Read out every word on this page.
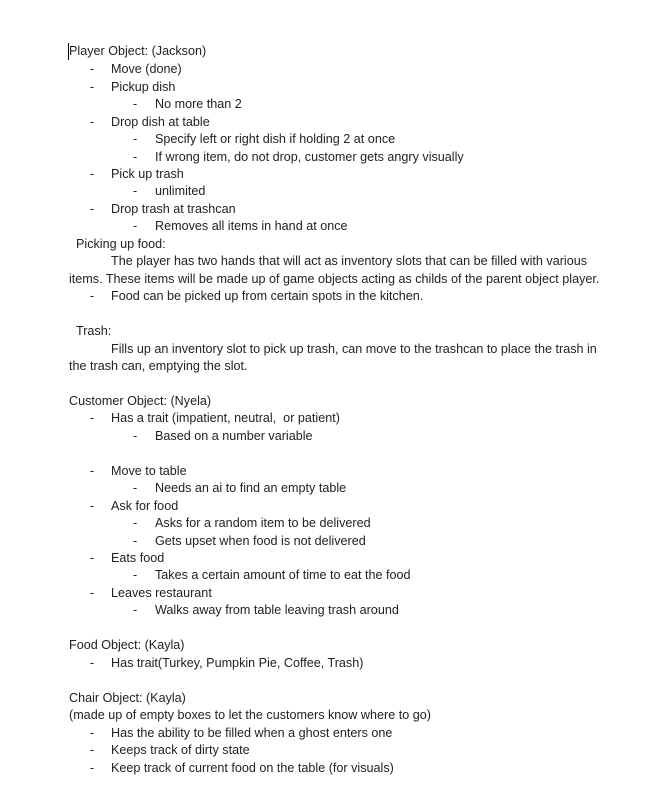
Player Object: (Jackson)

- Move (done)

- Pickup dish

- No more than 2

- Drop dish at table

- Specify left or right dish if holding 2 at once

- If wrong item, do not drop, customer gets angry visually

- Pick up trash

- unlimited

- Drop trash at trashcan

- Removes all items in hand at once

Picking up food:

The player has two hands that will act as inventory slots that can be filled with various

items. These items will be made up of game objects acting as childs of the parent object player.

- Food can be picked up from certain spots in the kitchen.

Trash:

Fills up an inventory slot to pick up trash, can move to the trashcan to place the trash in

the trash can, emptying the slot.

Customer Object: (Nyela)

- Has a trait (impatient, neutral,  or patient)

- Based on a number variable

- Move to table

- Needs an ai to find an empty table

- Ask for food

- Asks for a random item to be delivered

- Gets upset when food is not delivered

- Eats food

- Takes a certain amount of time to eat the food

- Leaves restaurant

- Walks away from table leaving trash around

Food Object: (Kayla)

- Has trait(Turkey, Pumpkin Pie, Coffee, Trash)

Chair Object: (Kayla)

(made up of empty boxes to let the customers know where to go)

- Has the ability to be filled when a ghost enters one

- Keeps track of dirty state

- Keep track of current food on the table (for visuals)
